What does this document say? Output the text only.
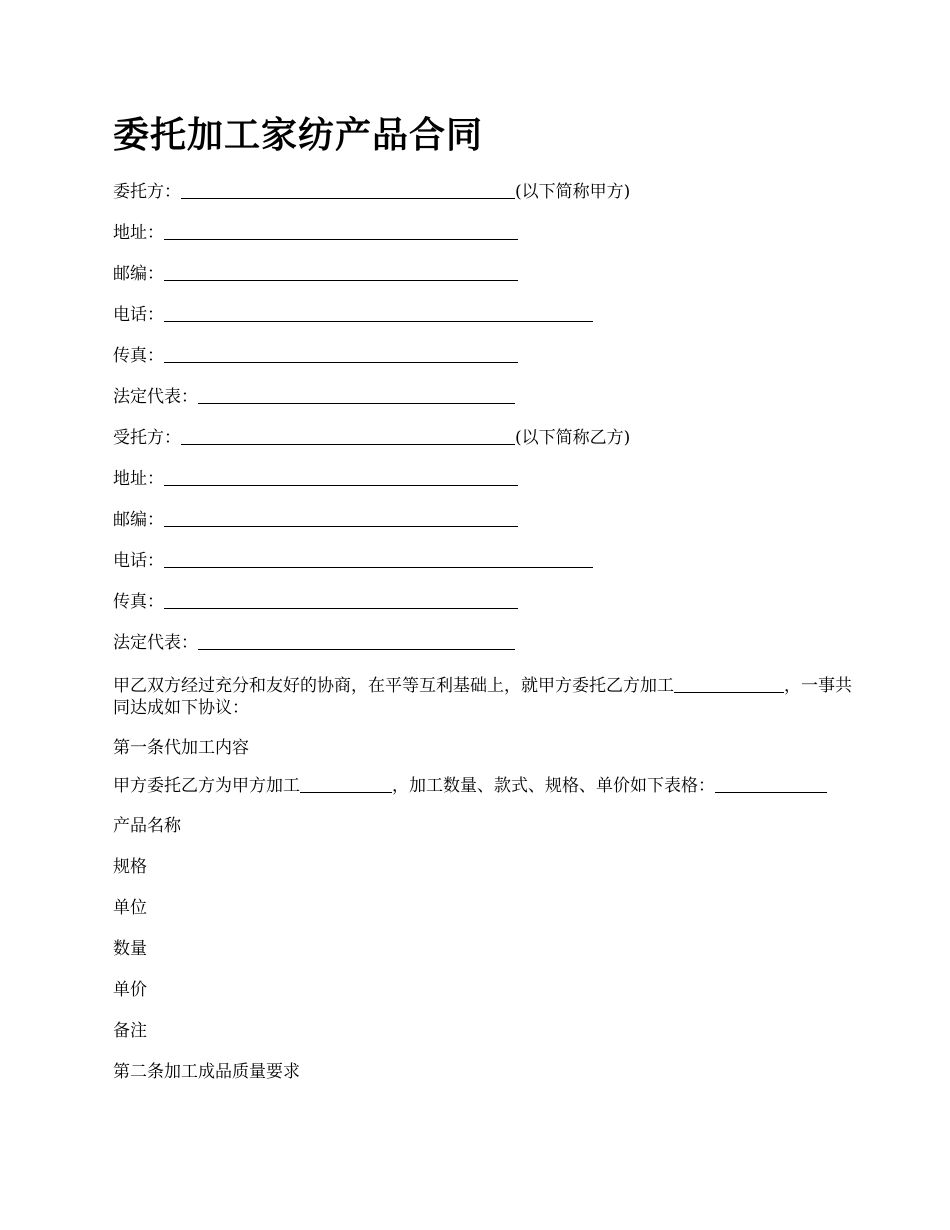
委托加工家纺产品合同
委托方：	(以下简称甲方)
地址：
邮编：
电话：
传真：
法定代表：
受托方：	(以下简称乙方)
地址：
邮编：
电话：
传真：
法定代表：
甲乙双方经过充分和友好的协商，在平等互利基础上，就甲方委托乙方加工	，一事共同达成如下协议：
第一条代加工内容
甲方委托乙方为甲方加工	，加工数量、款式、规格、单价如下表格：
产品名称
规格
单位
数量
单价
备注
第二条加工成品质量要求
